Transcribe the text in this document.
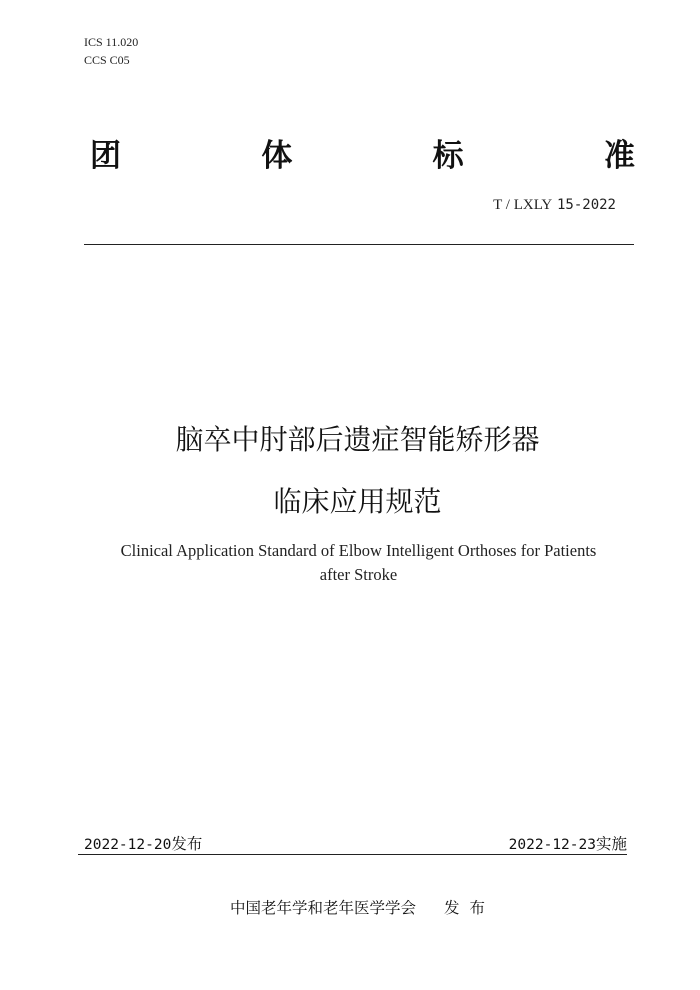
ICS 11.020
CCS C05
团	体	标	准
T / LXLY 15-2022
脑卒中肘部后遗症智能矫形器
临床应用规范
Clinical Application Standard of Elbow Intelligent Orthoses for Patients
after Stroke
2022-12-20发布	2022-12-23实施
中国老年学和老年医学学会 发 布
